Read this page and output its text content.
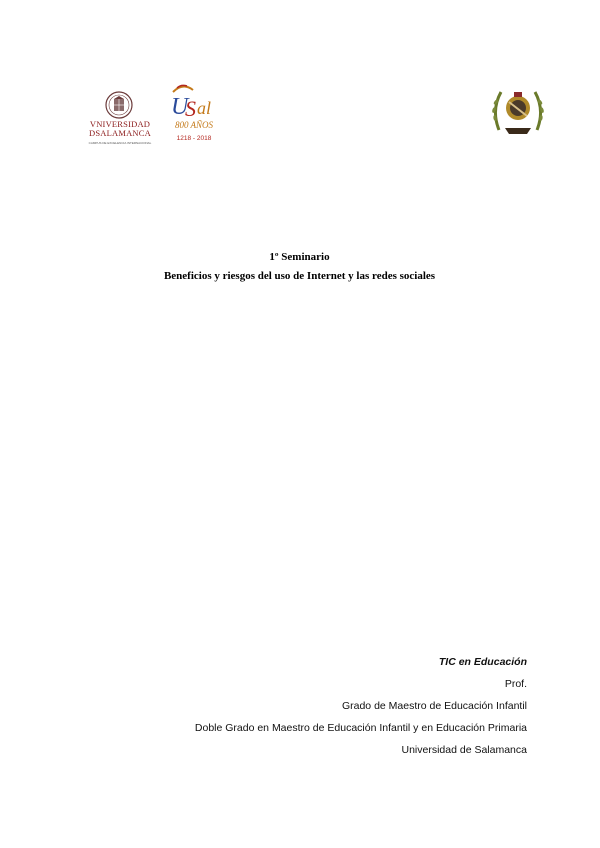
VNIVERSIDAD
DSALAMANCA
CAMPUS DE EXCELENCIA INTERNACIONAL
U
S al
800 AÑOS
1218 - 2018
1º Seminario
Beneficios y riesgos del uso de Internet y las redes sociales
TIC en Educación
Prof.
Grado de Maestro de Educación Infantil
Doble Grado en Maestro de Educación Infantil y en Educación Primaria
Universidad de Salamanca
